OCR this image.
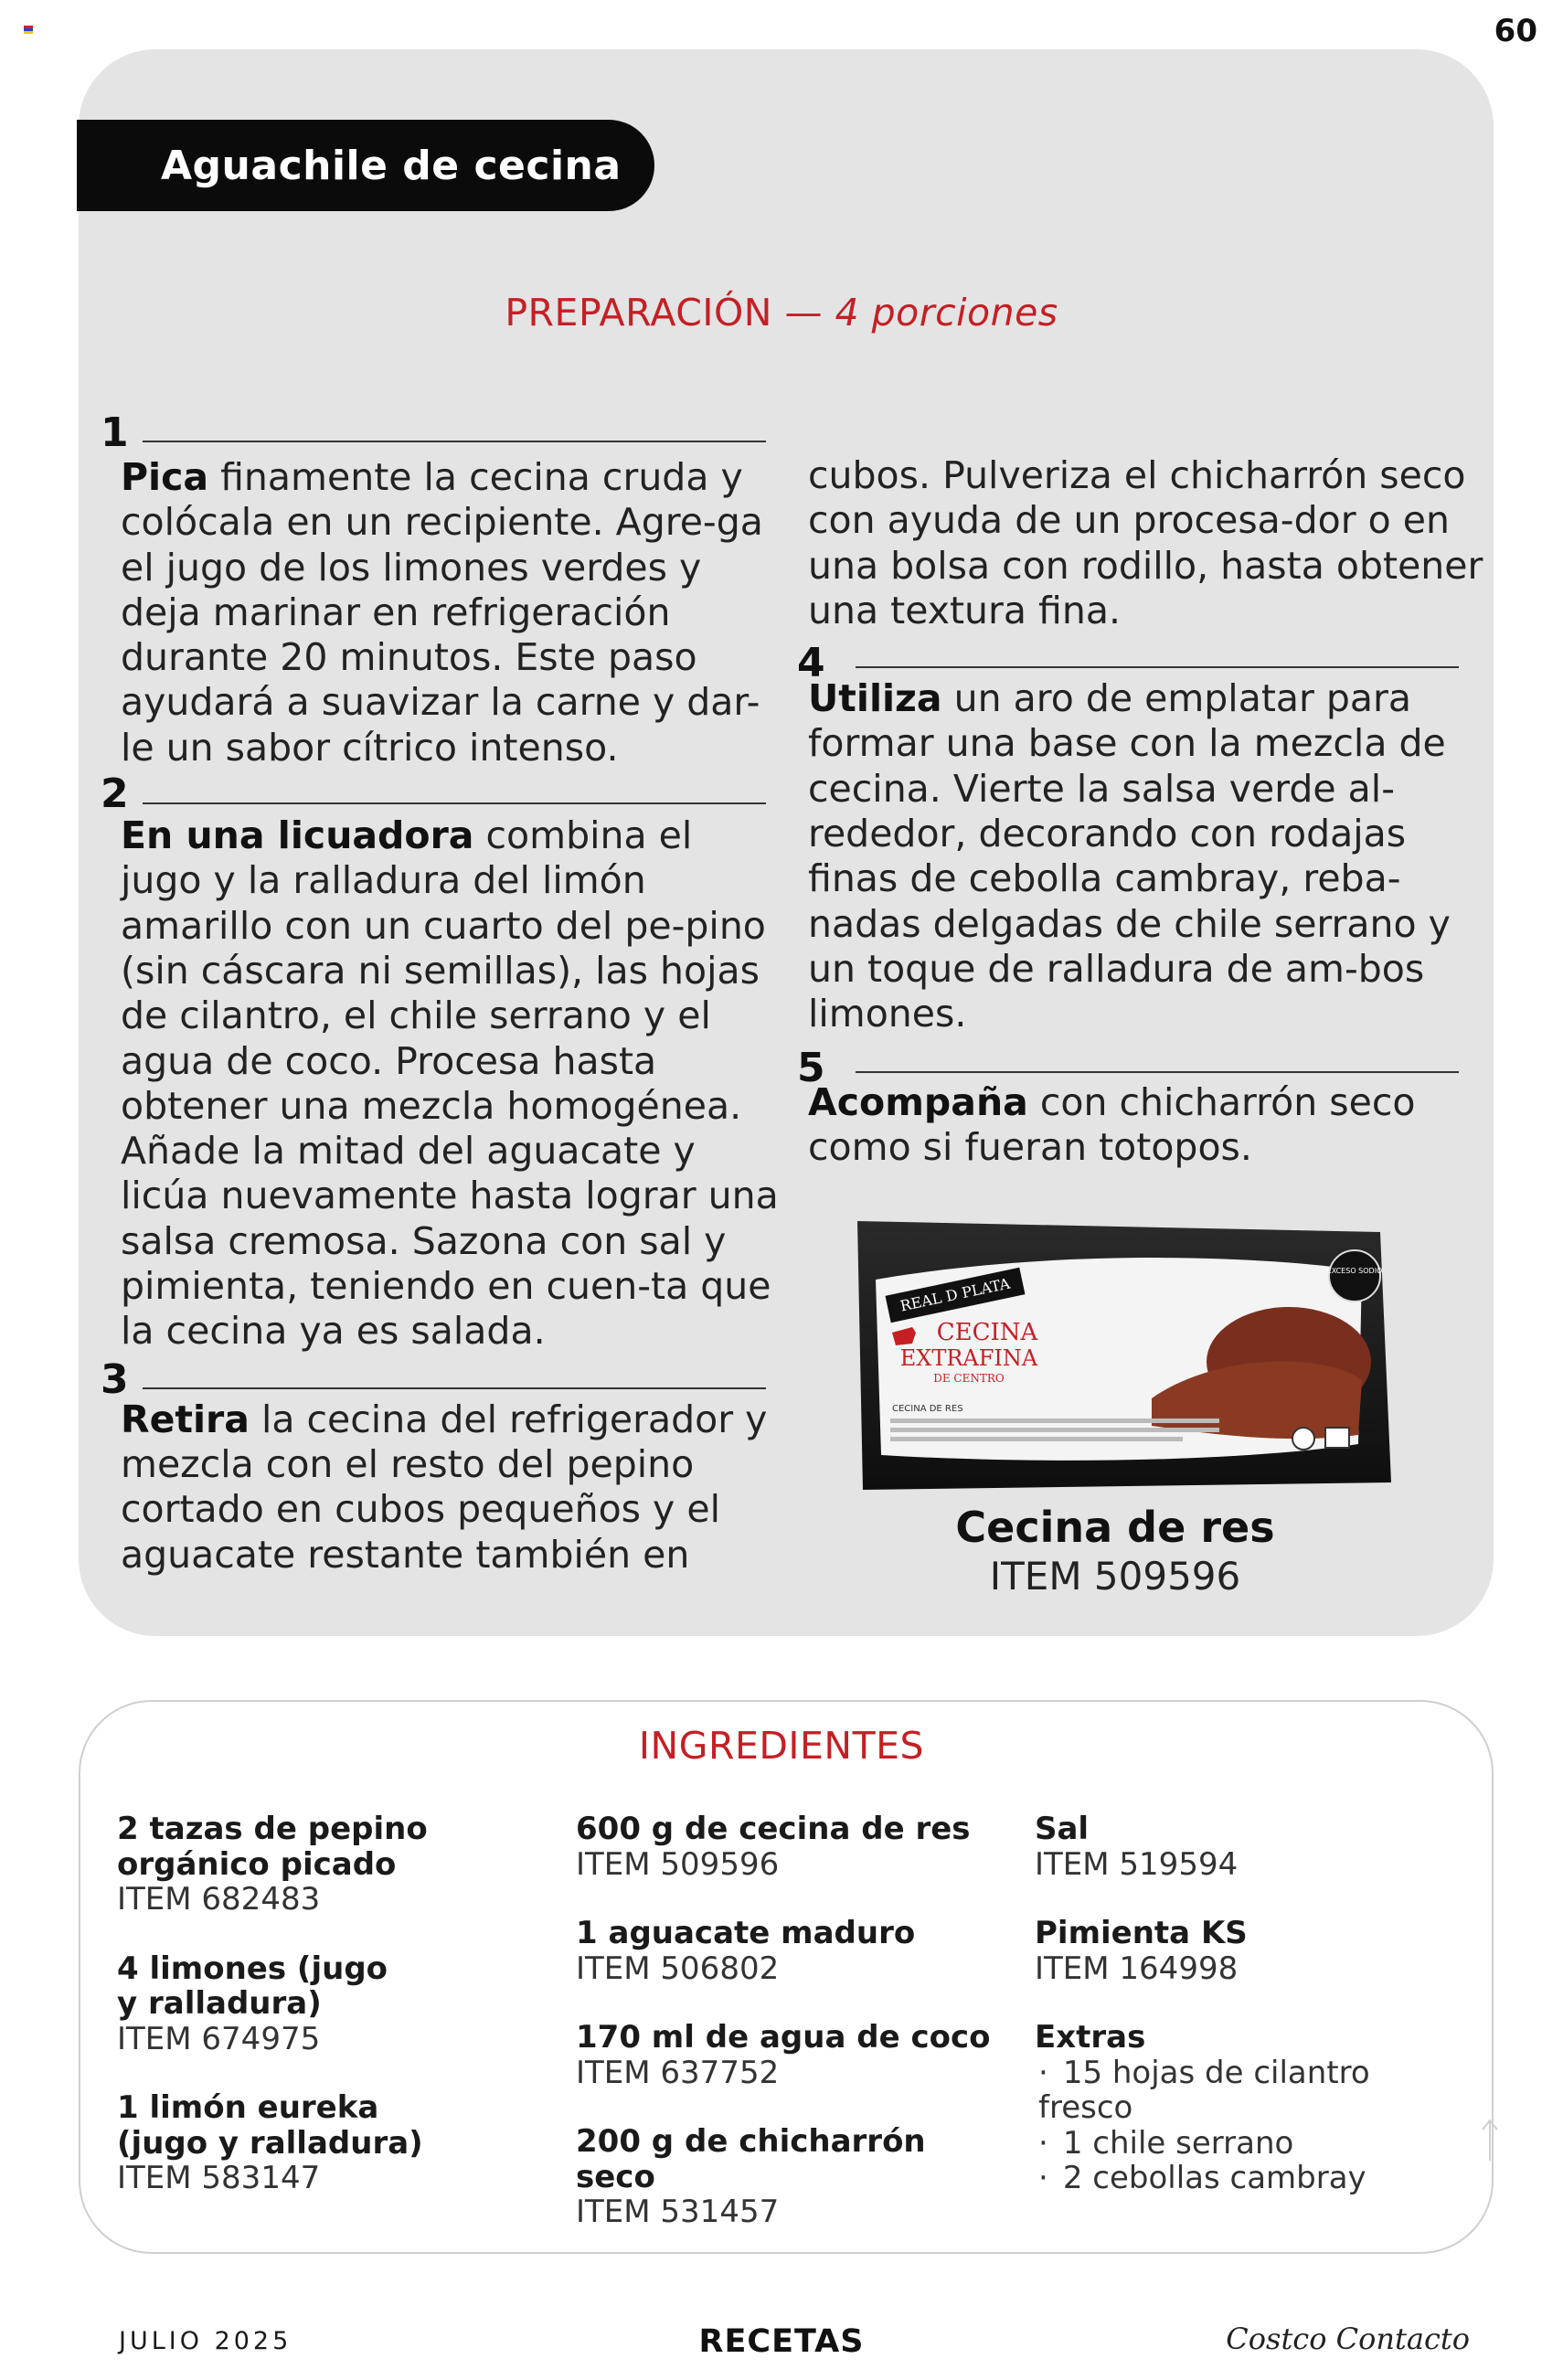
60
Aguachile de cecina
PREPARACIÓN — 4 porciones
1
2
3
4
5
Pica finamente la cecina cruda y colócala en un recipiente. Agre-ga el jugo de los limones verdes y deja marinar en refrigeración durante 20 minutos. Este paso ayudará a suavizar la carne y dar-le un sabor cítrico intenso.
En una licuadora combina el jugo y la ralladura del limón amarillo con un cuarto del pe-pino (sin cáscara ni semillas), las hojas de cilantro, el chile serrano y el agua de coco. Procesa hasta obtener una mezcla homogénea. Añade la mitad del aguacate y licúa nuevamente hasta lograr una salsa cremosa. Sazona con sal y pimienta, teniendo en cuen-ta que la cecina ya es salada.
Retira la cecina del refrigerador y mezcla con el resto del pepino cortado en cubos pequeños y el aguacate restante también en
cubos. Pulveriza el chicharrón seco con ayuda de un procesa-dor o en una bolsa con rodillo, hasta obtener una textura fina.
Utiliza un aro de emplatar para formar una base con la mezcla de cecina. Vierte la salsa verde al-rededor, decorando con rodajas finas de cebolla cambray, reba-nadas delgadas de chile serrano y un toque de ralladura de am-bos limones.
Acompaña con chicharrón seco como si fueran totopos.
EXCESO SODIO
REAL D PLATA
CECINA
EXTRAFINA
DE CENTRO
CECINA DE RES
Cecina de res
ITEM 509596
INGREDIENTES
2 tazas de pepino orgánico picado
ITEM 682483
4 limones (jugo y ralladura)
ITEM 674975
1 limón eureka (jugo y ralladura)
ITEM 583147
600 g de cecina de res
ITEM 509596
1 aguacate maduro
ITEM 506802
170 ml de agua de coco
ITEM 637752
200 g de chicharrón seco
ITEM 531457
Sal
ITEM 519594
Pimienta KS
ITEM 164998
Extras
· 15 hojas de cilantro fresco
· 1 chile serrano
· 2 cebollas cambray
JULIO 2025	RECETAS	Costco Contacto
